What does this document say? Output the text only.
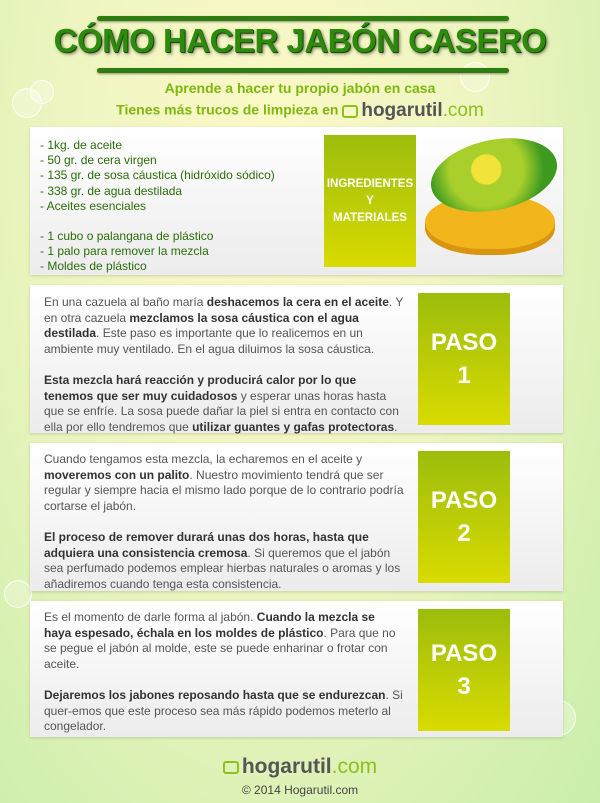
CÓMO HACER JABÓN CASERO
Aprende a hacer tu propio jabón en casa
Tienes más trucos de limpieza en hogarutil .com
- 1kg. de aceite
- 50 gr. de cera virgen
- 135 gr. de sosa cáustica (hidróxido sódico)
- 338 gr. de agua destilada
- Aceites esenciales
- 1 cubo o palangana de plástico
- 1 palo para remover la mezcla
- Moldes de plástico
INGREDIENTES
Y
MATERIALES
PASO
1

En una cazuela al baño maría deshacemos la cera en el aceite. Y en otra cazuela mezclamos la sosa cáustica con el agua destilada. Este paso es importante que lo realicemos en un ambiente muy ventilado. En el agua diluimos la sosa cáustica.

Esta mezcla hará reacción y producirá calor por lo que tenemos que ser muy cuidadosos y esperar unas horas hasta que se enfríe. La sosa puede dañar la piel si entra en contacto con ella por ello tendremos que utilizar guantes y gafas protectoras.

PASO
2

Cuando tengamos esta mezcla, la echaremos en el aceite y moveremos con un palito. Nuestro movimiento tendrá que ser regular y siempre hacia el mismo lado porque de lo contrario podría cortarse el jabón.

El proceso de remover durará unas dos horas, hasta que adquiera una consistencia cremosa. Si queremos que el jabón sea perfumado podemos emplear hierbas naturales o aromas y los añadiremos cuando tenga esta consistencia.

PASO
3

Es el momento de darle forma al jabón. Cuando la mezcla se haya espesado, échala en los moldes de plástico. Para que no se pegue el jabón al molde, este se puede enharinar o frotar con aceite.

Dejaremos los jabones reposando hasta que se endurezcan. Si quer-emos que este proceso sea más rápido podemos meterlo al congelador.

hogarutil .com
© 2014 Hogarutil.com
